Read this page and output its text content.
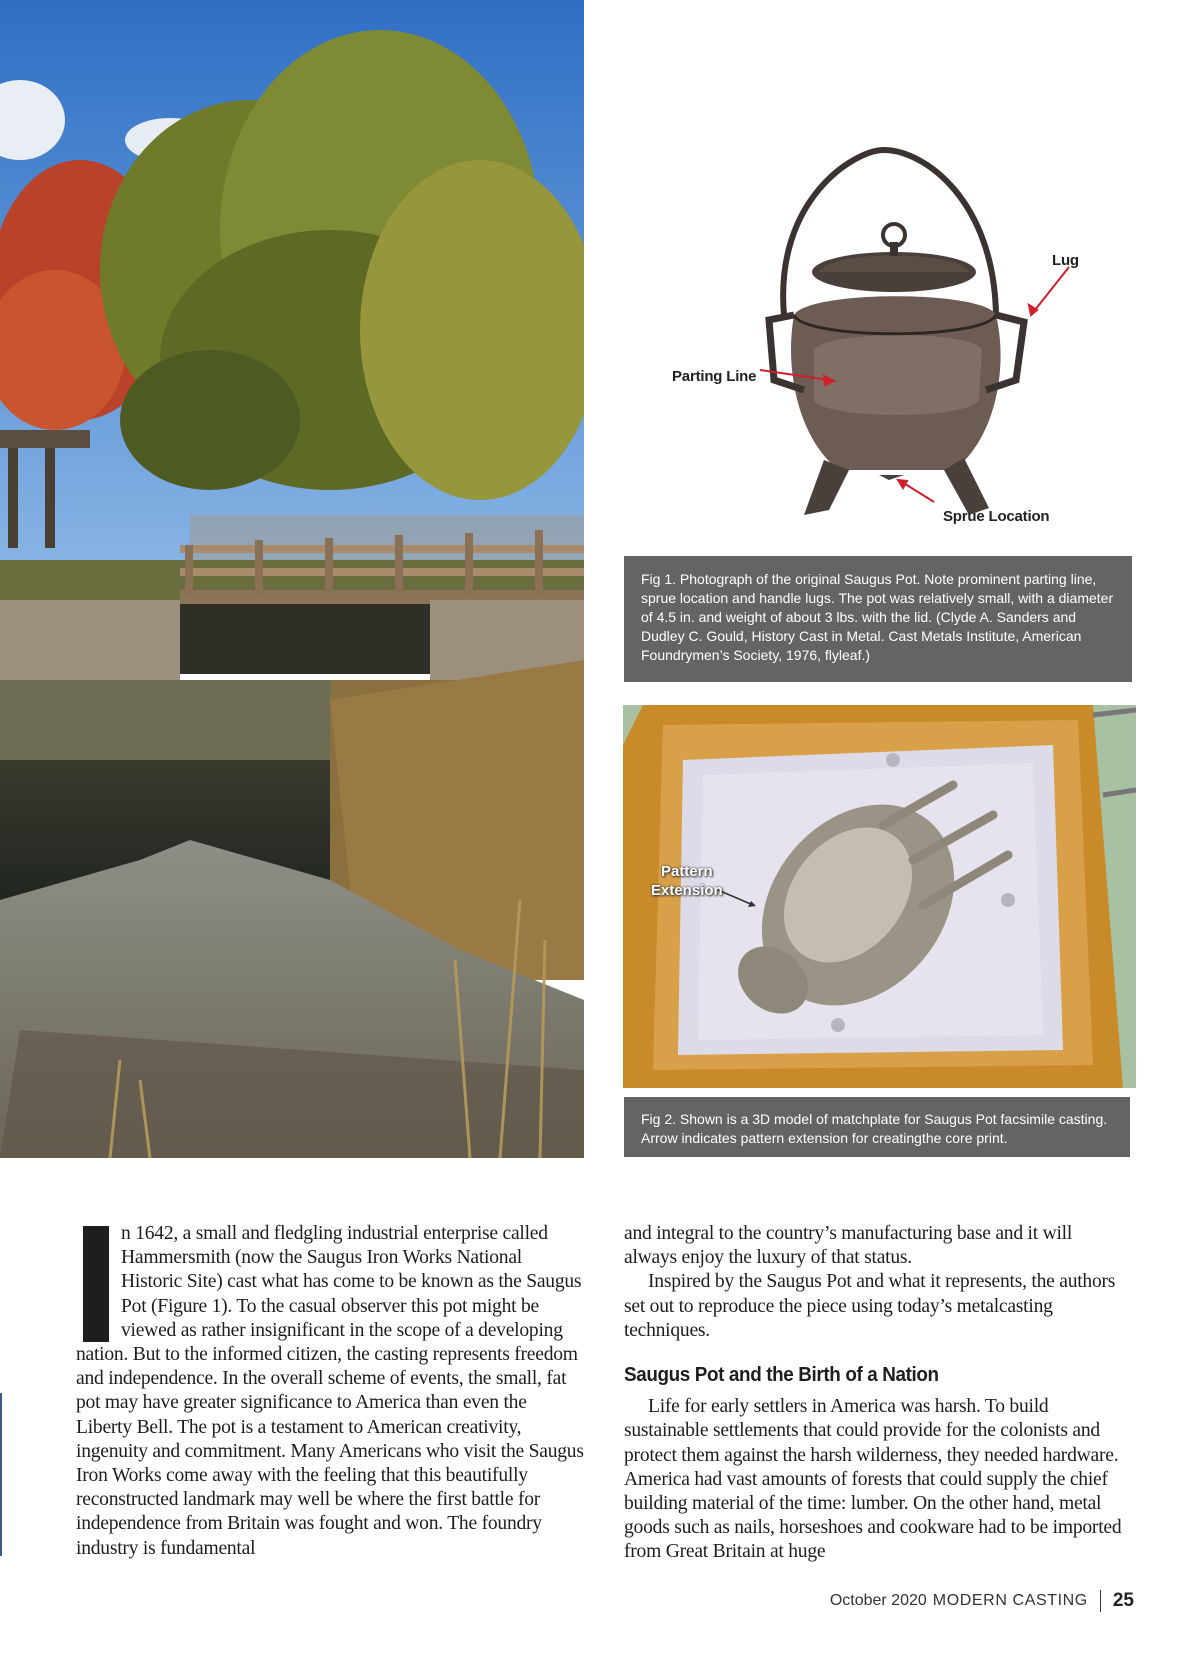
Lug
Parting Line
Sprue Location
Fig 1. Photograph of the original Saugus Pot. Note prominent parting line, sprue location and handle lugs. The pot was relatively small, with a diameter of 4.5 in. and weight of about 3 lbs. with the lid. (Clyde A. Sanders and Dudley C. Gould, History Cast in Metal. Cast Metals Institute, American Foundrymen’s Society, 1976, flyleaf.)
Pattern
Extension
Fig 2. Shown is a 3D model of matchplate for Saugus Pot facsimile casting. Arrow indicates pattern extension for creatingthe core print.

n 1642, a small and fledgling industrial enterprise called Hammersmith (now the Saugus Iron Works National Historic Site) cast what has come to be known as the Saugus Pot (Figure 1). To the casual observer this pot might be viewed as rather insignificant in the scope of a developing nation. But to the informed citizen, the casting represents freedom and independence. In the overall scheme of events, the small, fat pot may have greater significance to America than even the Liberty Bell. The pot is a testament to American creativity, ingenuity and commitment. Many Americans who visit the Saugus Iron Works come away with the feeling that this beautifully reconstructed landmark may well be where the first battle for independence from Britain was fought and won. The foundry industry is fundamental

and integral to the country’s manufacturing base and it will always enjoy the luxury of that status.

Inspired by the Saugus Pot and what it represents, the authors set out to reproduce the piece using today’s metalcasting techniques.

Saugus Pot and the Birth of a Nation

Life for early settlers in America was harsh. To build sustainable settlements that could provide for the colonists and protect them against the harsh wilderness, they needed hardware. America had vast amounts of forests that could supply the chief building material of the time: lumber. On the other hand, metal goods such as nails, horseshoes and cookware had to be imported from Great Britain at huge

October 2020 MODERN CASTING 25
